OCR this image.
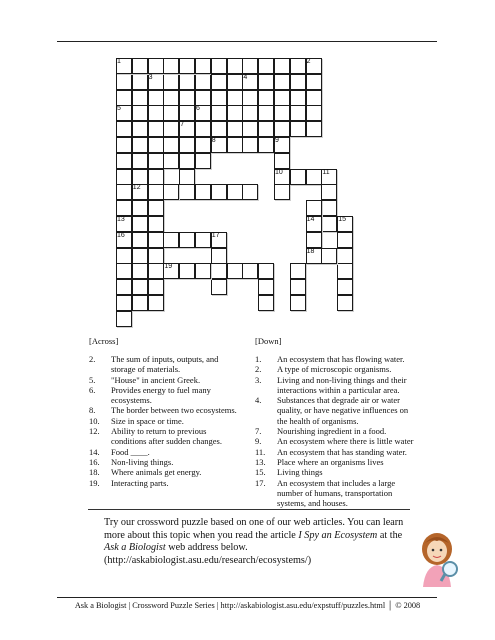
1	2
3	4
5	6
7
8	9
10	11
12
13	14	15
16	17
18
19
[Across]	[Down]
2.	The sum of inputs, outputs, and storage of materials.
5.	"House" in ancient Greek.
6.	Provides energy to fuel many ecosystems.
8.	The border between two ecosystems.
10.	Size in space or time.
12.	Ability to return to previous conditions after sudden changes.
14.	Food ____.
16.	Non-living things.
18.	Where animals get energy.
19.	Interacting parts.
1.	An ecosystem that has flowing water.
2.	A type of microscopic organisms.
3.	Living and non-living things and their interactions within a particular area.
4.	Substances that degrade air or water quality, or have negative influences on the health of organisms.
7.	Nourishing ingredient in a food.
9.	An ecosystem where there is little water
11.	An ecosystem that has standing water.
13.	Place where an organisms lives
15.	Living things
17.	An ecosystem that includes a large number of humans, transportation systems, and houses.
Try our crossword puzzle based on one of our web articles. You can learn more about this topic when you read the article I Spy an Ecosystem at the Ask a Biologist web address below.
(http://askabiologist.asu.edu/research/ecosystems/)
Ask a Biologist | Crossword Puzzle Series | http://askabiologist.asu.edu/expstuff/puzzles.html │ © 2008
